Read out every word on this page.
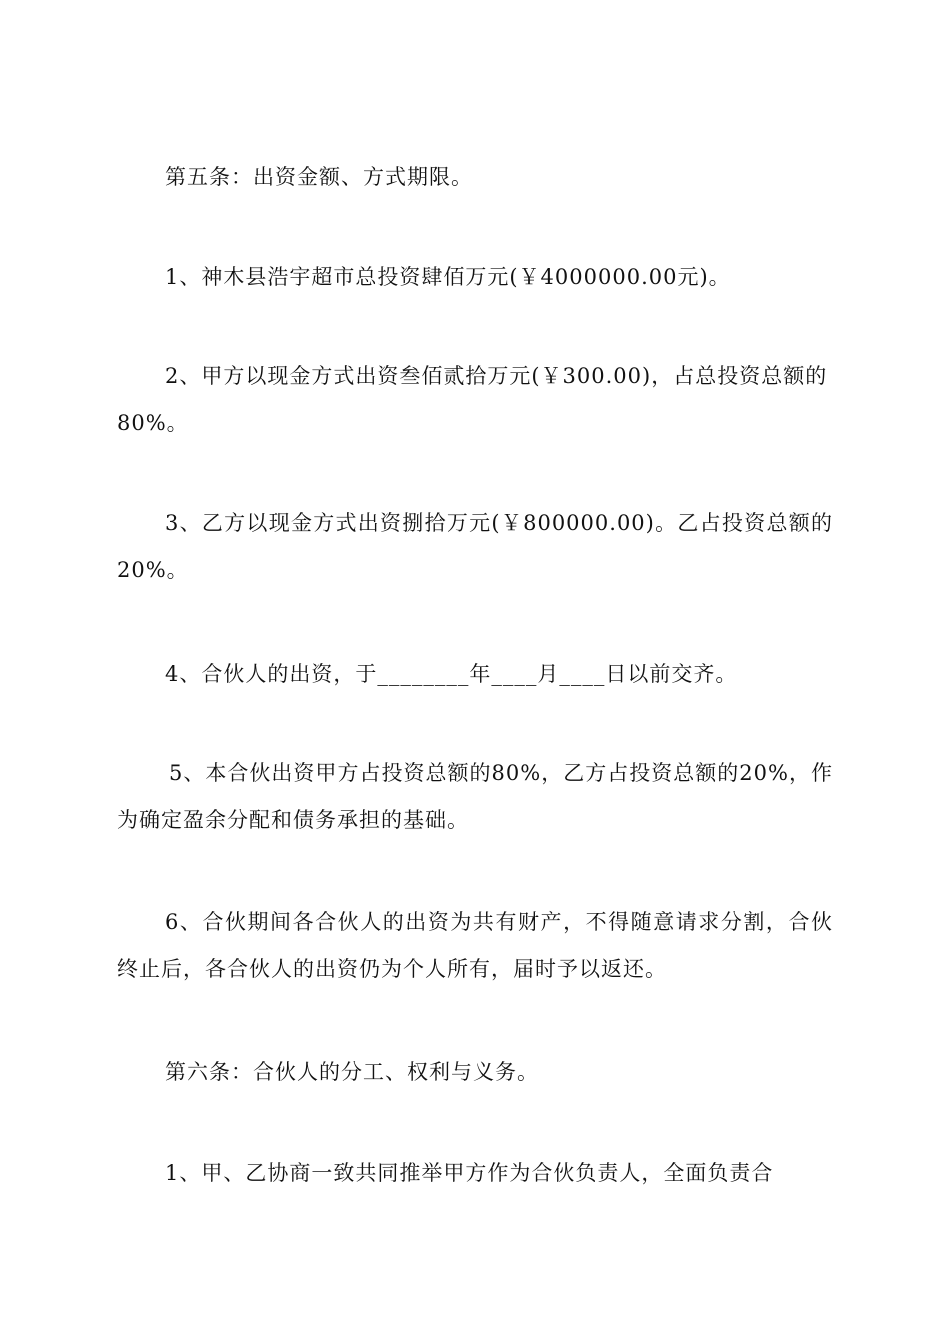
第五条：出资金额、方式期限。
1、神木县浩宇超市总投资肆佰万元(￥4000000.00元)。
2、甲方以现金方式出资叁佰贰拾万元(￥300.00)，占总投资总额的80%。
3、乙方以现金方式出资捌拾万元(￥800000.00)。乙占投资总额的20%。
4、合伙人的出资，于________年____月____日以前交齐。
5、本合伙出资甲方占投资总额的80%，乙方占投资总额的20%，作为确定盈余分配和债务承担的基础。
6、合伙期间各合伙人的出资为共有财产，不得随意请求分割，合伙终止后，各合伙人的出资仍为个人所有，届时予以返还。
第六条：合伙人的分工、权利与义务。
1、甲、乙协商一致共同推举甲方作为合伙负责人，全面负责合
